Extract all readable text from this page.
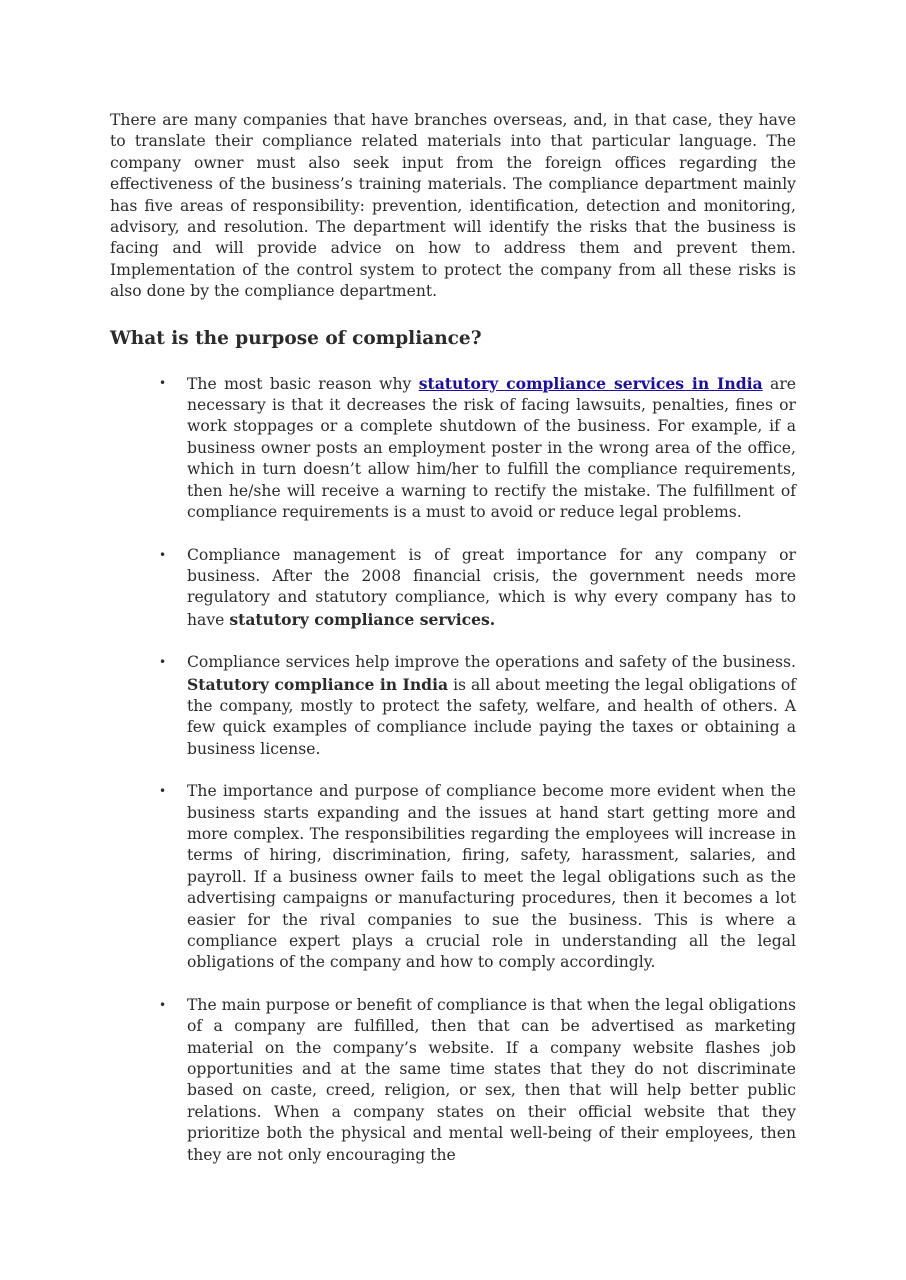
There are many companies that have branches overseas, and, in that case, they have to translate their compliance related materials into that particular language. The company owner must also seek input from the foreign offices regarding the effectiveness of the business’s training materials. The compliance department mainly has five areas of responsibility: prevention, identification, detection and monitoring, advisory, and resolution. The department will identify the risks that the business is facing and will provide advice on how to address them and prevent them. Implementation of the control system to protect the company from all these risks is also done by the compliance department.

What is the purpose of compliance?
• The most basic reason why statutory compliance services in India are necessary is that it decreases the risk of facing lawsuits, penalties, fines or work stoppages or a complete shutdown of the business. For example, if a business owner posts an employment poster in the wrong area of the office, which in turn doesn’t allow him/her to fulfill the compliance requirements, then he/she will receive a warning to rectify the mistake. The fulfillment of compliance requirements is a must to avoid or reduce legal problems.
• Compliance management is of great importance for any company or business. After the 2008 financial crisis, the government needs more regulatory and statutory compliance, which is why every company has to have statutory compliance services.
• Compliance services help improve the operations and safety of the business. Statutory compliance in India is all about meeting the legal obligations of the company, mostly to protect the safety, welfare, and health of others. A few quick examples of compliance include paying the taxes or obtaining a business license.
• The importance and purpose of compliance become more evident when the business starts expanding and the issues at hand start getting more and more complex. The responsibilities regarding the employees will increase in terms of hiring, discrimination, firing, safety, harassment, salaries, and payroll. If a business owner fails to meet the legal obligations such as the advertising campaigns or manufacturing procedures, then it becomes a lot easier for the rival companies to sue the business. This is where a compliance expert plays a crucial role in understanding all the legal obligations of the company and how to comply accordingly.
• The main purpose or benefit of compliance is that when the legal obligations of a company are fulfilled, then that can be advertised as marketing material on the company’s website. If a company website flashes job opportunities and at the same time states that they do not discriminate based on caste, creed, religion, or sex, then that will help better public relations. When a company states on their official website that they prioritize both the physical and mental well-being of their employees, then they are not only encouraging the
